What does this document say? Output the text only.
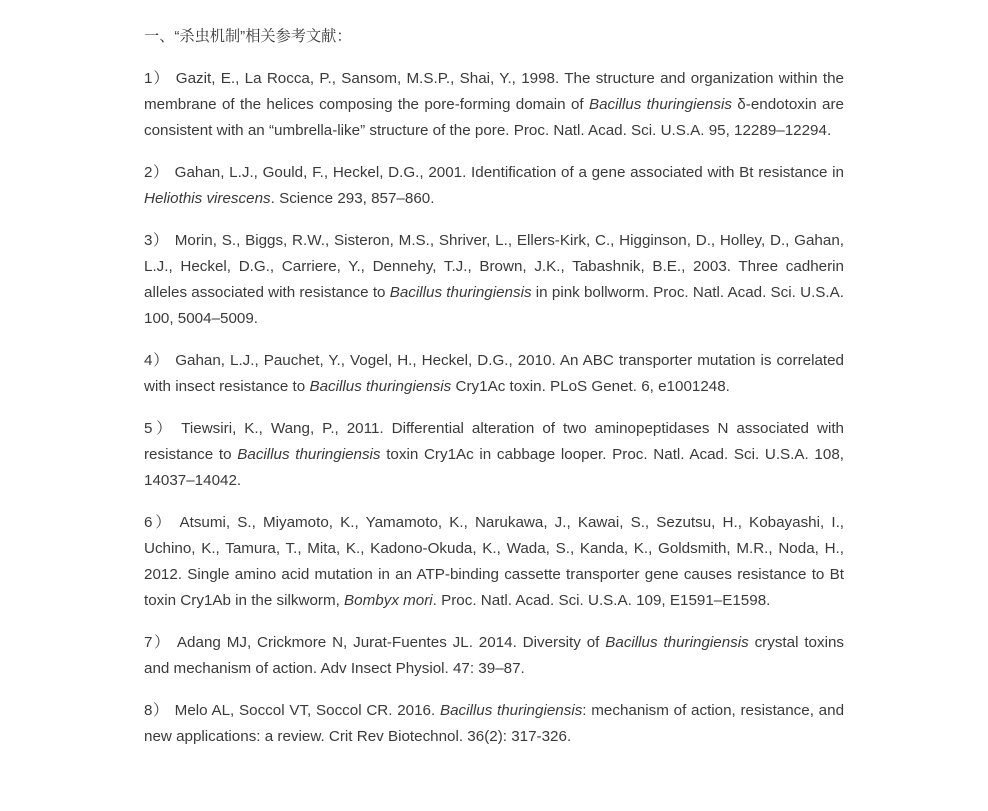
一、“杀虫机制”相关参考文献：

1） Gazit, E., La Rocca, P., Sansom, M.S.P., Shai, Y., 1998. The structure and organization within the membrane of the helices composing the pore-forming domain of Bacillus thuringiensis δ-endotoxin are consistent with an “umbrella-like” structure of the pore. Proc. Natl. Acad. Sci. U.S.A. 95, 12289–12294.

2） Gahan, L.J., Gould, F., Heckel, D.G., 2001. Identification of a gene associated with Bt resistance in Heliothis virescens. Science 293, 857–860.

3） Morin, S., Biggs, R.W., Sisteron, M.S., Shriver, L., Ellers-Kirk, C., Higginson, D., Holley, D., Gahan, L.J., Heckel, D.G., Carriere, Y., Dennehy, T.J., Brown, J.K., Tabashnik, B.E., 2003. Three cadherin alleles associated with resistance to Bacillus thuringiensis in pink bollworm. Proc. Natl. Acad. Sci. U.S.A. 100, 5004–5009.

4） Gahan, L.J., Pauchet, Y., Vogel, H., Heckel, D.G., 2010. An ABC transporter mutation is correlated with insect resistance to Bacillus thuringiensis Cry1Ac toxin. PLoS Genet. 6, e1001248.

5） Tiewsiri, K., Wang, P., 2011. Differential alteration of two aminopeptidases N associated with resistance to Bacillus thuringiensis toxin Cry1Ac in cabbage looper. Proc. Natl. Acad. Sci. U.S.A. 108, 14037–14042.

6） Atsumi, S., Miyamoto, K., Yamamoto, K., Narukawa, J., Kawai, S., Sezutsu, H., Kobayashi, I., Uchino, K., Tamura, T., Mita, K., Kadono-Okuda, K., Wada, S., Kanda, K., Goldsmith, M.R., Noda, H., 2012. Single amino acid mutation in an ATP-binding cassette transporter gene causes resistance to Bt toxin Cry1Ab in the silkworm, Bombyx mori. Proc. Natl. Acad. Sci. U.S.A. 109, E1591–E1598.

7） Adang MJ, Crickmore N, Jurat-Fuentes JL. 2014. Diversity of Bacillus thuringiensis crystal toxins and mechanism of action. Adv Insect Physiol. 47: 39–87.

8） Melo AL, Soccol VT, Soccol CR. 2016. Bacillus thuringiensis: mechanism of action, resistance, and new applications: a review. Crit Rev Biotechnol. 36(2): 317-326.
